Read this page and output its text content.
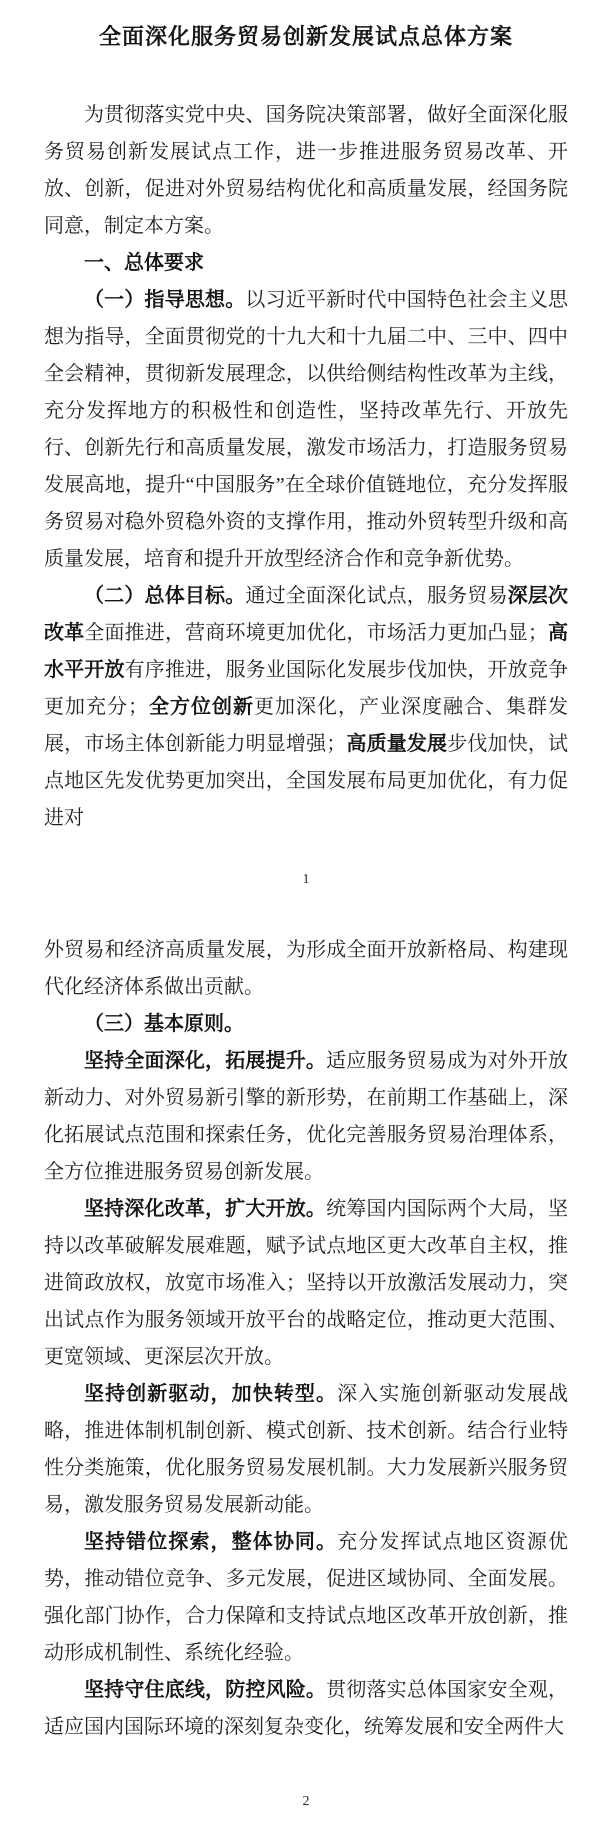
全面深化服务贸易创新发展试点总体方案

为贯彻落实党中央、国务院决策部署，做好全面深化服务贸易创新发展试点工作，进一步推进服务贸易改革、开放、创新，促进对外贸易结构优化和高质量发展，经国务院同意，制定本方案。

一、总体要求

（一）指导思想。以习近平新时代中国特色社会主义思想为指导，全面贯彻党的十九大和十九届二中、三中、四中全会精神，贯彻新发展理念，以供给侧结构性改革为主线，充分发挥地方的积极性和创造性，坚持改革先行、开放先行、创新先行和高质量发展，激发市场活力，打造服务贸易发展高地，提升“中国服务”在全球价值链地位，充分发挥服务贸易对稳外贸稳外资的支撑作用，推动外贸转型升级和高质量发展，培育和提升开放型经济合作和竞争新优势。

（二）总体目标。通过全面深化试点，服务贸易深层次改革全面推进，营商环境更加优化，市场活力更加凸显；高水平开放有序推进，服务业国际化发展步伐加快，开放竞争更加充分；全方位创新更加深化，产业深度融合、集群发展，市场主体创新能力明显增强；高质量发展步伐加快，试点地区先发优势更加突出，全国发展布局更加优化，有力促进对

1

外贸易和经济高质量发展，为形成全面开放新格局、构建现代化经济体系做出贡献。

（三）基本原则。

坚持全面深化，拓展提升。适应服务贸易成为对外开放新动力、对外贸易新引擎的新形势，在前期工作基础上，深化拓展试点范围和探索任务，优化完善服务贸易治理体系，全方位推进服务贸易创新发展。

坚持深化改革，扩大开放。统筹国内国际两个大局，坚持以改革破解发展难题，赋予试点地区更大改革自主权，推进简政放权，放宽市场准入；坚持以开放激活发展动力，突出试点作为服务领域开放平台的战略定位，推动更大范围、更宽领域、更深层次开放。

坚持创新驱动，加快转型。深入实施创新驱动发展战略，推进体制机制创新、模式创新、技术创新。结合行业特性分类施策，优化服务贸易发展机制。大力发展新兴服务贸易，激发服务贸易发展新动能。

坚持错位探索，整体协同。充分发挥试点地区资源优势，推动错位竞争、多元发展，促进区域协同、全面发展。强化部门协作，合力保障和支持试点地区改革开放创新，推动形成机制性、系统化经验。

坚持守住底线，防控风险。贯彻落实总体国家安全观，适应国内国际环境的深刻复杂变化，统筹发展和安全两件大

2
